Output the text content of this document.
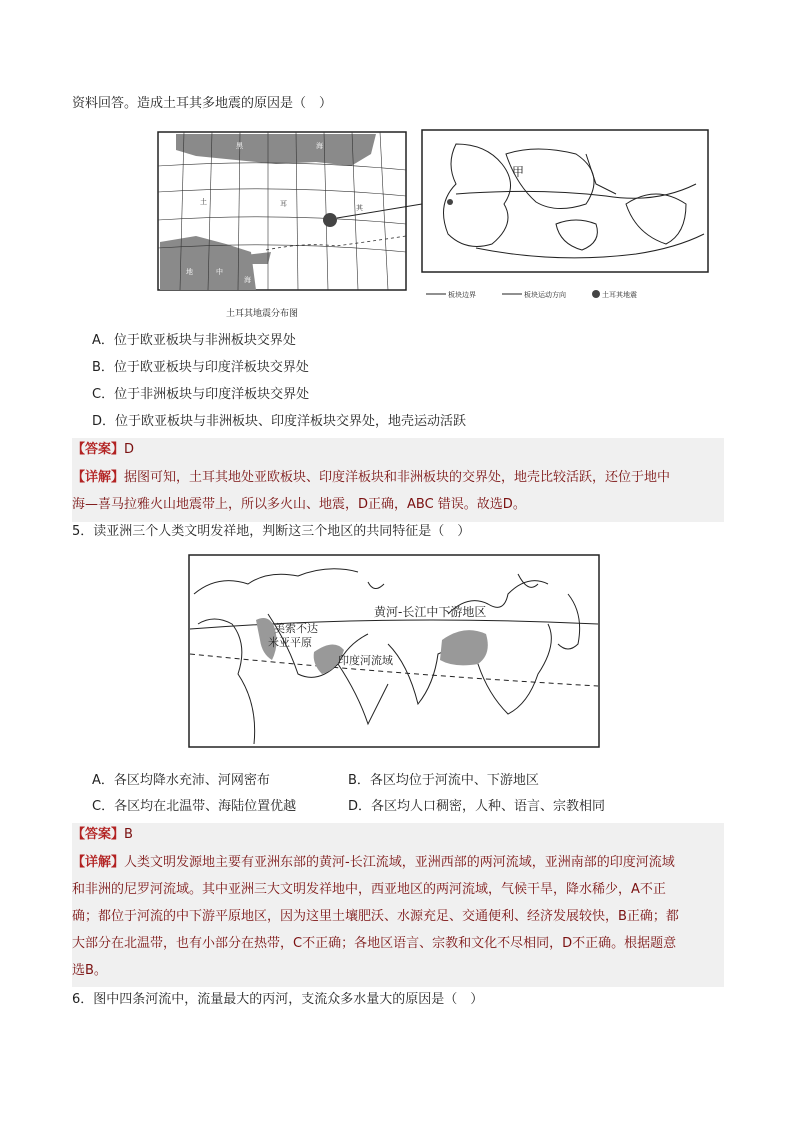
资料回答。造成土耳其多地震的原因是（　）
黑	海
地	中
海
土	耳	其
土耳其地震分布图
甲
板块边界	板块运动方向	土耳其地震
A．位于欧亚板块与非洲板块交界处
B．位于欧亚板块与印度洋板块交界处
C．位于非洲板块与印度洋板块交界处
D．位于欧亚板块与非洲板块、印度洋板块交界处，地壳运动活跃
【答案】D
【详解】据图可知，土耳其地处亚欧板块、印度洋板块和非洲板块的交界处，地壳比较活跃，还位于地中
海—喜马拉雅火山地震带上，所以多火山、地震，D正确，ABC 错误。故选D。
5．读亚洲三个人类文明发祥地，判断这三个地区的共同特征是（　）
黄河-长江中下游地区
美索不达
米亚平原
印度河流域
A．各区均降水充沛、河网密布	B．各区均位于河流中、下游地区
C．各区均在北温带、海陆位置优越	D．各区均人口稠密，人种、语言、宗教相同
【答案】B
【详解】人类文明发源地主要有亚洲东部的黄河-长江流域，亚洲西部的两河流域，亚洲南部的印度河流域
和非洲的尼罗河流域。其中亚洲三大文明发祥地中，西亚地区的两河流域，气候干旱，降水稀少，A不正
确；都位于河流的中下游平原地区，因为这里土壤肥沃、水源充足、交通便利、经济发展较快，B正确；都
大部分在北温带，也有小部分在热带，C不正确；各地区语言、宗教和文化不尽相同，D不正确。根据题意
选B。
6．图中四条河流中，流量最大的丙河，支流众多水量大的原因是（　）
